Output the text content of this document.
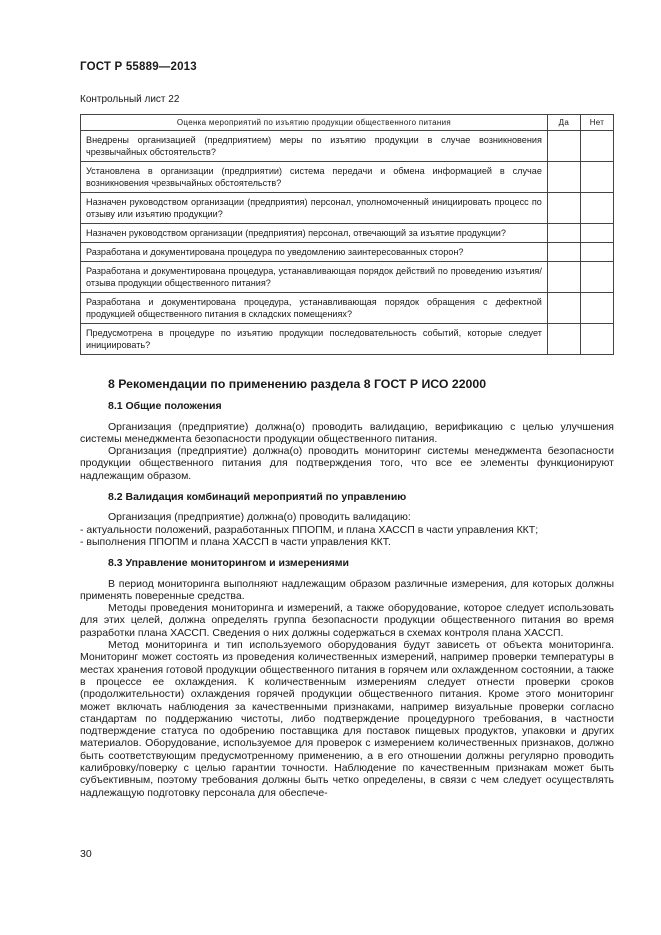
ГОСТ Р 55889—2013
Контрольный лист 22
Оценка мероприятий по изъятию продукции общественного питания	Да	Нет
Внедрены организацией (предприятием) меры по изъятию продукции в случае возникновения чрезвычайных обстоятельств?		
Установлена в организации (предприятии) система передачи и обмена информацией в случае возникновения чрезвычайных обстоятельств?		
Назначен руководством организации (предприятия) персонал, уполномоченный инициировать процесс по отзыву или изъятию продукции?		
Назначен руководством организации (предприятия) персонал, отвечающий за изъятие продукции?		
Разработана и документирована процедура по уведомлению заинтересованных сторон?		
Разработана и документирована процедура, устанавливающая порядок действий по проведению изъятия/отзыва продукции общественного питания?		
Разработана и документирована процедура, устанавливающая порядок обращения с дефектной продукцией общественного питания в складских помещениях?		
Предусмотрена в процедуре по изъятию продукции последовательность событий, которые следует инициировать?		
8 Рекомендации по применению раздела 8 ГОСТ Р ИСО 22000
8.1 Общие положения

Организация (предприятие) должна(о) проводить валидацию, верификацию с целью улучшения системы менеджмента безопасности продукции общественного питания.

Организация (предприятие) должна(о) проводить мониторинг системы менеджмента безопасности продукции общественного питания для подтверждения того, что все ее элементы функционируют надлежащим образом.

8.2 Валидация комбинаций мероприятий по управлению

Организация (предприятие) должна(о) проводить валидацию:

- актуальности положений, разработанных ППОПМ, и плана ХАССП в части управления ККТ;

- выполнения ППОПМ и плана ХАССП в части управления ККТ.

8.3 Управление мониторингом и измерениями

В период мониторинга выполняют надлежащим образом различные измерения, для которых должны применять поверенные средства.

Методы проведения мониторинга и измерений, а также оборудование, которое следует использовать для этих целей, должна определять группа безопасности продукции общественного питания во время разработки плана ХАССП. Сведения о них должны содержаться в схемах контроля плана ХАССП.

Метод мониторинга и тип используемого оборудования будут зависеть от объекта мониторинга. Мониторинг может состоять из проведения количественных измерений, например проверки температуры в местах хранения готовой продукции общественного питания в горячем или охлажденном состоянии, а также в процессе ее охлаждения. К количественным измерениям следует отнести проверки сроков (продолжительности) охлаждения горячей продукции общественного питания. Кроме этого мониторинг может включать наблюдения за качественными признаками, например визуальные проверки согласно стандартам по поддержанию чистоты, либо подтверждение процедурного требования, в частности подтверждение статуса по одобрению поставщика для поставок пищевых продуктов, упаковки и других материалов. Оборудование, используемое для проверок с измерением количественных признаков, должно быть соответствующим предусмотренному применению, а в его отношении должны регулярно проводить калибровку/поверку с целью гарантии точности. Наблюдение по качественным признакам может быть субъективным, поэтому требования должны быть четко определены, в связи с чем следует осуществлять надлежащую подготовку персонала для обеспече-

30
